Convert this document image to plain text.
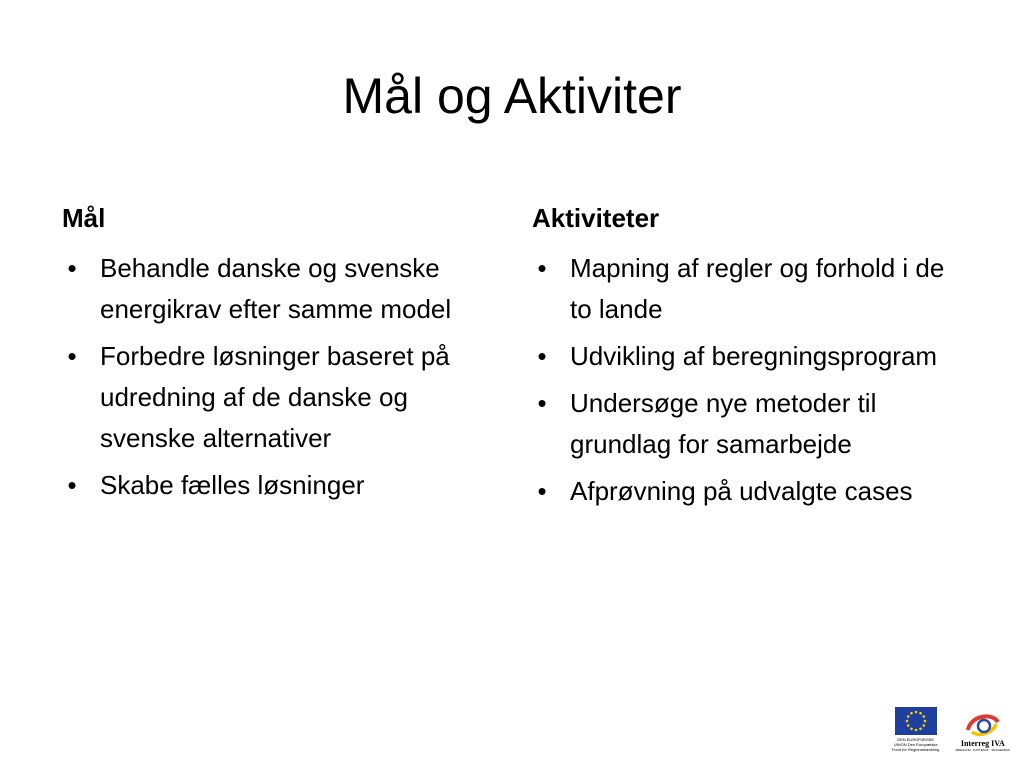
Mål og Aktiviter
Mål
• Behandle danske og svenske energikrav efter samme model
• Forbedre løsninger baseret på udredning af de danske og svenske alternativer
• Skabe fælles løsninger
Aktiviteter
• Mapning af regler og forhold i de to lande
• Udvikling af beregningsprogram
• Undersøge nye metoder til grundlag for samarbejde
• Afprøvning på udvalgte cases
DEN EUROPÆISKE UNION Den Europæiske Fond for Regionaludvikling
Interreg IVA
ØRESUND · KATTEGAT · SKAGERRAK
